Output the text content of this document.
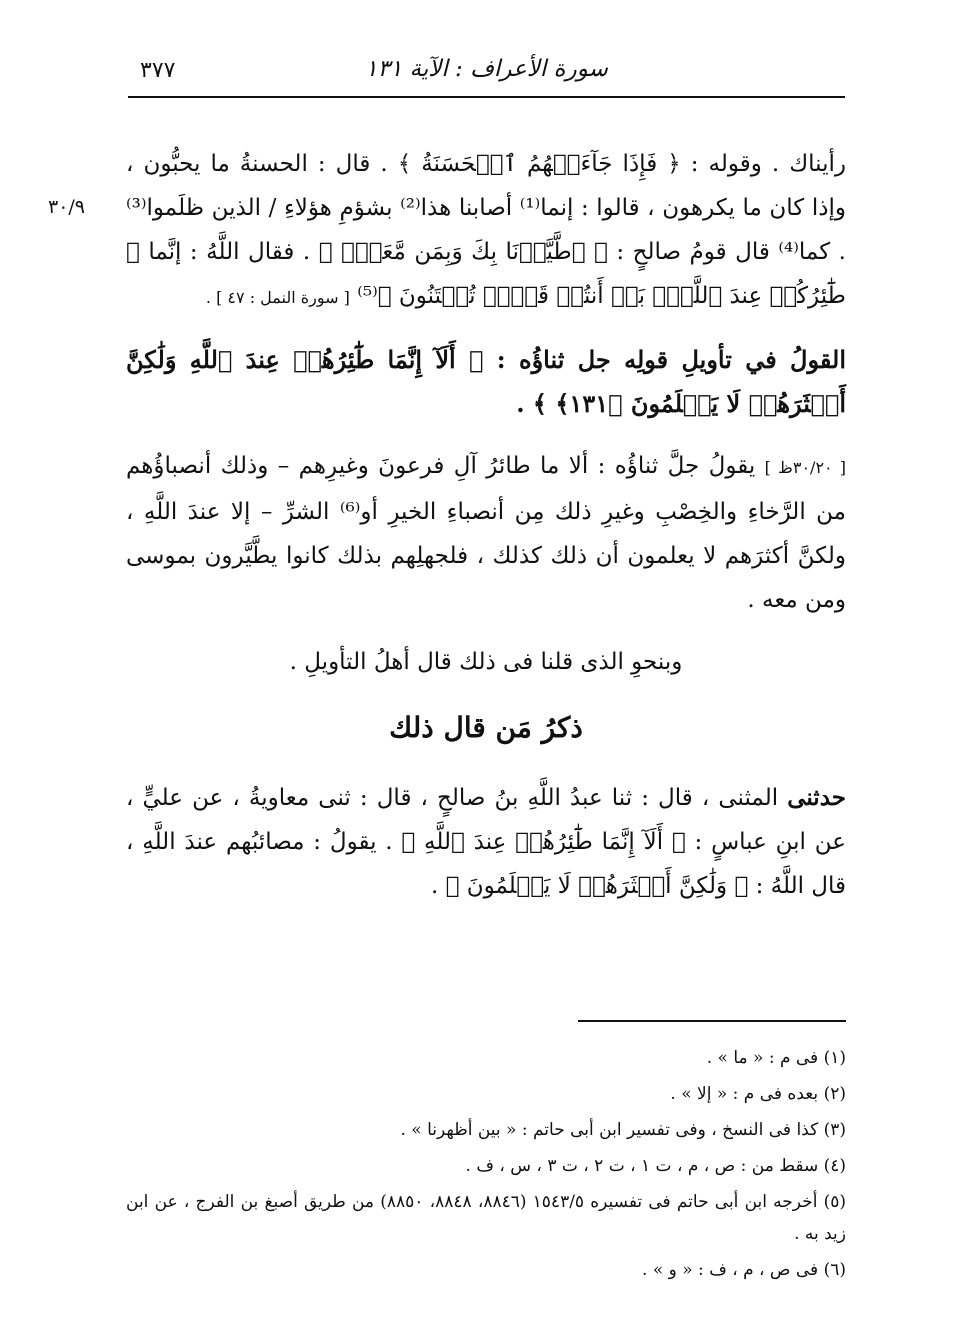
٣٧٧	سورة الأعراف : الآية ١٣١
٣٠/٩

رأيناك . وقوله : ﴿ فَإِذَا جَآءَتۡهُمُ ٱلۡحَسَنَةُ ﴾ . قال : الحسنةُ ما يحبُّون ، وإذا كان ما يكرهون ، قالوا : إنما⁽¹⁾ أصابنا هذا⁽²⁾ بشؤمِ هؤلاءِ / الذين ظلَموا⁽³⁾ . كما⁽⁴⁾ قال قومُ صالحٍ : ﴿ ٱطَّيَّرۡنَا بِكَ وَبِمَن مَّعَكَۚ ﴾ . فقال اللَّهُ : إنَّما ﴿ طَٰٓئِرُكُمۡ عِندَ ٱللَّهِۖ بَلۡ أَنتُمۡ قَوۡمٞ تُفۡتَنُونَ ﴾⁽⁵⁾ [ سورة النمل : ٤٧ ] .

القولُ في تأويلِ قولِه جل ثناؤُه : ﴿ أَلَآ إِنَّمَا طَٰٓئِرُهُمۡ عِندَ ٱللَّهِ وَلَٰكِنَّ أَكۡثَرَهُمۡ لَا يَعۡلَمُونَ ﴿١٣١﴾ ﴾ .

[ ٣٠/٢٠ظ ] يقولُ جلَّ ثناؤُه : ألا ما طائرُ آلِ فرعونَ وغيرِهم – وذلك أنصباؤُهم من الرَّخاءِ والخِصْبِ وغيرِ ذلك مِن أنصباءِ الخيرِ أو⁽⁶⁾ الشرِّ – إلا عندَ اللَّهِ ، ولكنَّ أكثرَهم لا يعلمون أن ذلك كذلك ، فلجهلِهم بذلك كانوا يطَّيَّرون بموسى ومن معه .

وبنحوِ الذى قلنا فى ذلك قال أهلُ التأويلِ .

ذكرُ مَن قال ذلك

حدثنى المثنى ، قال : ثنا عبدُ اللَّهِ بنُ صالحٍ ، قال : ثنى معاويةُ ، عن عليٍّ ، عن ابنِ عباسٍ : ﴿ أَلَآ إِنَّمَا طَٰٓئِرُهُمۡ عِندَ ٱللَّهِ ﴾ . يقولُ : مصائبُهم عندَ اللَّهِ ، قال اللَّهُ : ﴿ وَلَٰكِنَّ أَكۡثَرَهُمۡ لَا يَعۡلَمُونَ ﴾ .

(١) فى م : « ما » .

(٢) بعده فى م : « إلا » .

(٣) كذا فى النسخ ، وفى تفسير ابن أبى حاتم : « بين أظهرنا » .

(٤) سقط من : ص ، م ، ت ١ ، ت ٢ ، ت ٣ ، س ، ف .

(٥) أخرجه ابن أبى حاتم فى تفسيره ١٥٤٣/٥ (٨٨٤٦، ٨٨٤٨، ٨٨٥٠) من طريق أصبغ بن الفرج ، عن ابن زيد به .

(٦) فى ص ، م ، ف : « و » .
